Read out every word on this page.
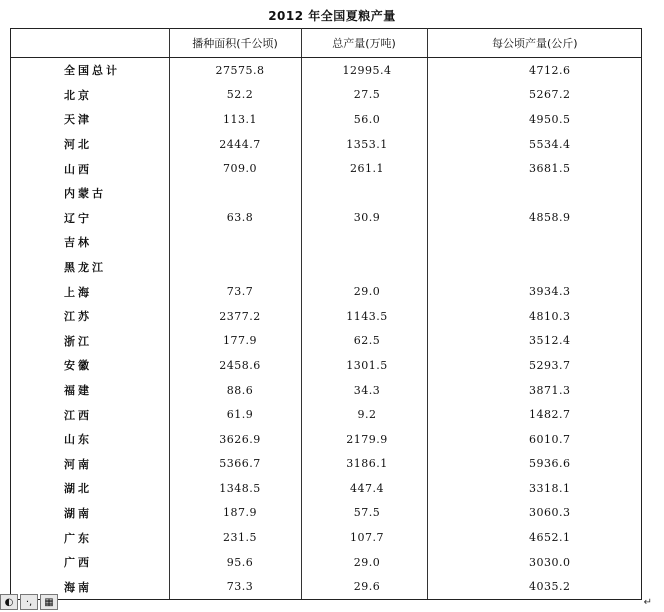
2012 年全国夏粮产量
	播种面积(千公顷)	总产量(万吨)	每公顷产量(公斤)
全国总计	27575.8	12995.4	4712.6
北京	52.2	27.5	5267.2
天津	113.1	56.0	4950.5
河北	2444.7	1353.1	5534.4
山西	709.0	261.1	3681.5
内蒙古			
辽宁	63.8	30.9	4858.9
吉林			
黑龙江			
上海	73.7	29.0	3934.3
江苏	2377.2	1143.5	4810.3
浙江	177.9	62.5	3512.4
安徽	2458.6	1301.5	5293.7
福建	88.6	34.3	3871.3
江西	61.9	9.2	1482.7
山东	3626.9	2179.9	6010.7
河南	5366.7	3186.1	5936.6
湖北	1348.5	447.4	3318.1
湖南	187.9	57.5	3060.3
广东	231.5	107.7	4652.1
广西	95.6	29.0	3030.0
海南	73.3	29.6	4035.2
◐	·,	▦	↵
